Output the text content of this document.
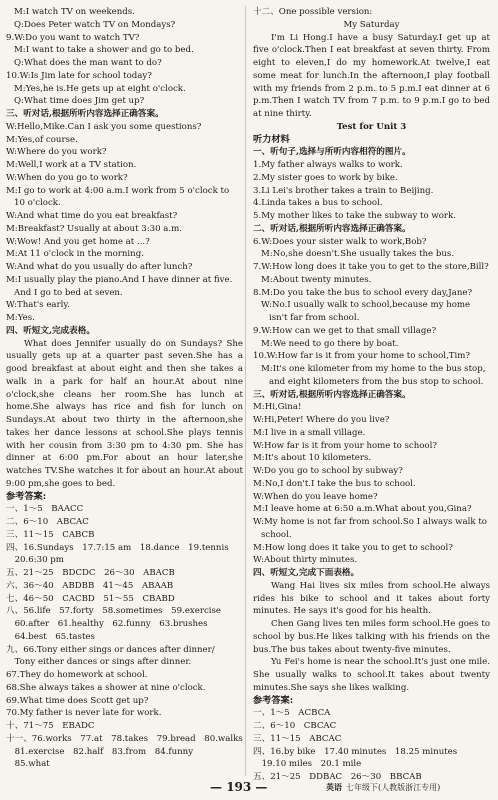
M:I watch TV on weekends.
Q:Does Peter watch TV on Mondays?
9.W:Do you want to watch TV?
M:I want to take a shower and go to bed.
Q:What does the man want to do?
10.W:Is Jim late for school today?
M:Yes,he is.He gets up at eight o'clock.
Q:What time does Jim get up?
三、听对话,根据所听内容选择正确答案。
W:Hello,Mike.Can I ask you some questions?
M:Yes,of course.
W:Where do you work?
M:Well,I work at a TV station.
W:When do you go to work?
M:I go to work at 4:00 a.m.I work from 5 o'clock to
10 o'clock.
W:And what time do you eat breakfast?
M:Breakfast? Usually at about 3:30 a.m.
W:Wow! And you get home at ...?
M:At 11 o'clock in the morning.
W:And what do you usually do after lunch?
M:I usually play the piano.And I have dinner at five.
And I go to bed at seven.
W:That's early.
M:Yes.
四、听短文,完成表格。
What does Jennifer usually do on Sundays? She usually gets up at a quarter past seven.She has a good breakfast at about eight and then she takes a walk in a park for half an hour.At about nine o'clock,she cleans her room.She has lunch at home.She always has rice and fish for lunch on Sundays.At about two thirty in the afternoon,she takes her dance lessons at school.She plays tennis with her cousin from 3:30 pm to 4:30 pm. She has dinner at 6:00 pm.For about an hour later,she watches TV.She watches it for about an hour.At about 9:00 pm,she goes to bed.
参考答案:
一、1～5　BAACC
二、6～10　ABCAC
三、11～15　CABCB
四、16.Sundays　17.7:15 am　18.dance　19.tennis
　20.6:30 pm
五、21～25　BDCDC　26～30　ABACB
六、36～40　ABDBB　41～45　ABAAB
七、46～50　CACBD　51～55　CBABD
八、56.life　57.forty　58.sometimes　59.exercise
　60.after　61.healthy　62.funny　63.brushes
　64.best　65.tastes
九、66.Tony either sings or dances after dinner/
　Tony either dances or sings after dinner.
67.They do homework at school.
68.She always takes a shower at nine o'clock.
69.What time does Scott get up?
70.My father is never late for work.
十、71～75　EBADC
十一、76.works　77.at　78.takes　79.bread　80.walks
　81.exercise　82.half　83.from　84.funny
　85.what
十二、One possible version:
My Saturday
I'm Li Hong.I have a busy Saturday.I get up at five o'clock.Then I eat breakfast at seven thirty. From eight to eleven,I do my homework.At twelve,I eat some meat for lunch.In the afternoon,I play football with my friends from 2 p.m. to 5 p.m.I eat dinner at 6 p.m.Then I watch TV from 7 p.m. to 9 p.m.I go to bed at nine thirty.
Test for Unit 3
听力材料
一、听句子,选择与所听内容相符的图片。
1.My father always walks to work.
2.My sister goes to work by bike.
3.Li Lei's brother takes a train to Beijing.
4.Linda takes a bus to school.
5.My mother likes to take the subway to work.
二、听对话,根据所听内容选择正确答案。
6.W:Does your sister walk to work,Bob?
M:No,she doesn't.She usually takes the bus.
7.W:How long does it take you to get to the store,Bill?
M:About twenty minutes.
8.M:Do you take the bus to school every day,Jane?
W:No.I usually walk to school,because my home
isn't far from school.
9.W:How can we get to that small village?
M:We need to go there by boat.
10.W:How far is it from your home to school,Tim?
M:It's one kilometer from my home to the bus stop,
and eight kilometers from the bus stop to school.
三、听对话,根据所听内容选择正确答案。
M:Hi,Gina!
W:Hi,Peter! Where do you live?
M:I live in a small village.
W:How far is it from your home to school?
M:It's about 10 kilometers.
W:Do you go to school by subway?
M:No,I don't.I take the bus to school.
W:When do you leave home?
M:I leave home at 6:50 a.m.What about you,Gina?
W:My home is not far from school.So I always walk to
school.
M:How long does it take you to get to school?
W:About thirty minutes.
四、听短文,完成下面表格。
Wang Hai lives six miles from school.He always rides his bike to school and it takes about forty minutes. He says it's good for his health.
Chen Gang lives ten miles form school.He goes to school by bus.He likes talking with his friends on the bus.The bus takes about twenty-five minutes.
Yu Fei's home is near the school.It's just one mile. She usually walks to school.It takes about twenty minutes.She says she likes walking.
参考答案:
一、1～5　ACBCA
二、6～10　CBCAC
三、11～15　ABCAC
四、16.by bike　17.40 minutes　18.25 minutes
　19.10 miles　20.1 mile
五、21～25　DDBAC　26～30　BBCAB
— 193 —	英语 七年级下(人教版浙江专用)
